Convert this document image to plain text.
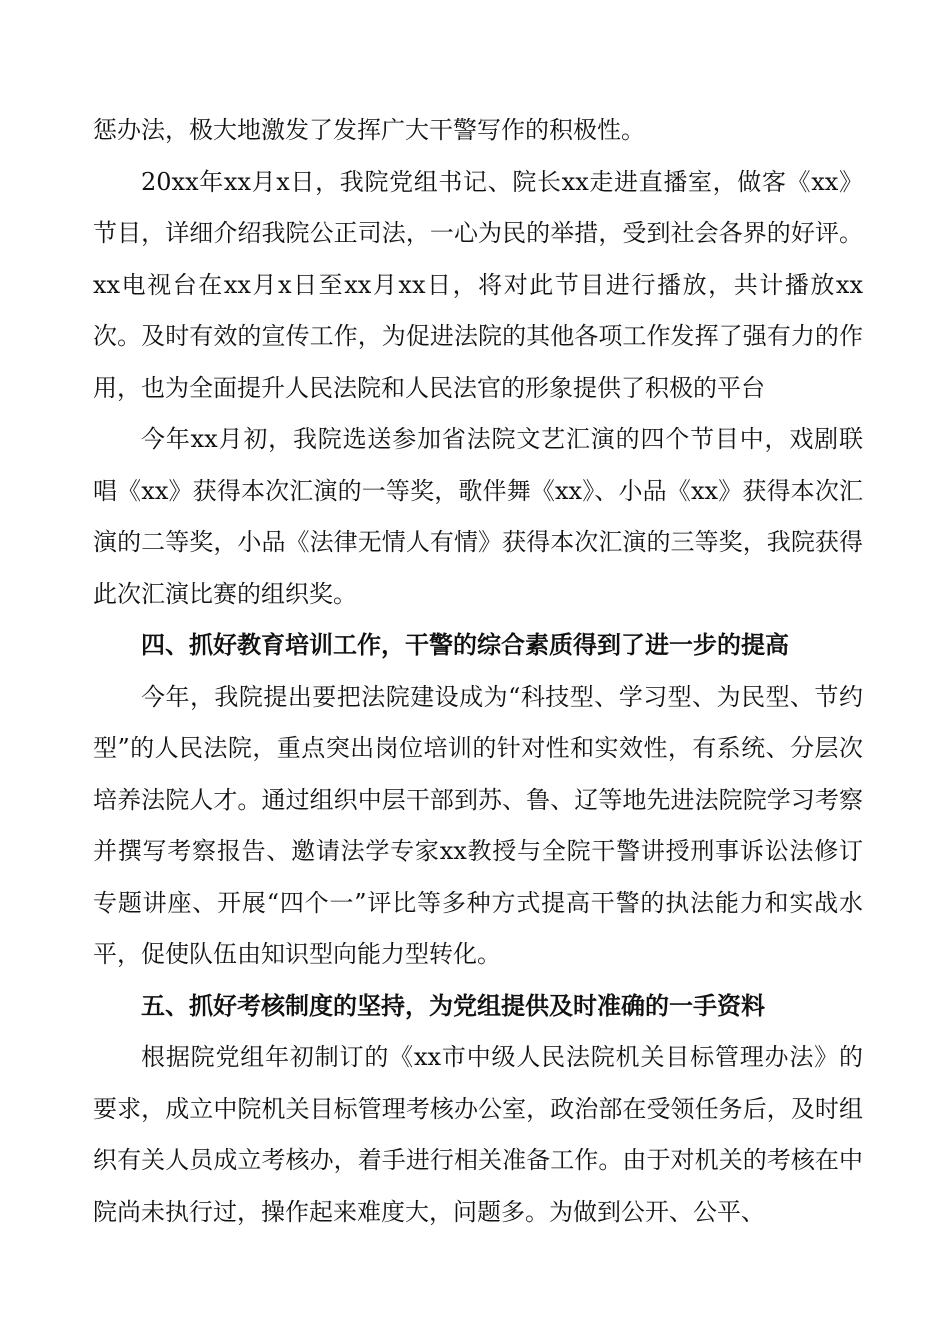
惩办法，极大地激发了发挥广大干警写作的积极性。

20xx年xx月x日，我院党组书记、院长xx走进直播室，做客《xx》节目，详细介绍我院公正司法，一心为民的举措，受到社会各界的好评。xx电视台在xx月x日至xx月xx日，将对此节目进行播放，共计播放xx次。及时有效的宣传工作，为促进法院的其他各项工作发挥了强有力的作用，也为全面提升人民法院和人民法官的形象提供了积极的平台

今年xx月初，我院选送参加省法院文艺汇演的四个节目中，戏剧联唱《xx》获得本次汇演的一等奖，歌伴舞《xx》、小品《xx》获得本次汇演的二等奖，小品《法律无情人有情》获得本次汇演的三等奖，我院获得此次汇演比赛的组织奖。

四、抓好教育培训工作，干警的综合素质得到了进一步的提高

今年，我院提出要把法院建设成为“科技型、学习型、为民型、节约型”的人民法院，重点突出岗位培训的针对性和实效性，有系统、分层次培养法院人才。通过组织中层干部到苏、鲁、辽等地先进法院院学习考察并撰写考察报告、邀请法学专家xx教授与全院干警讲授刑事诉讼法修订专题讲座、开展“四个一”评比等多种方式提高干警的执法能力和实战水平，促使队伍由知识型向能力型转化。

五、抓好考核制度的坚持，为党组提供及时准确的一手资料

根据院党组年初制订的《xx市中级人民法院机关目标管理办法》的要求，成立中院机关目标管理考核办公室，政治部在受领任务后，及时组织有关人员成立考核办，着手进行相关准备工作。由于对机关的考核在中院尚未执行过，操作起来难度大，问题多。为做到公开、公平、
